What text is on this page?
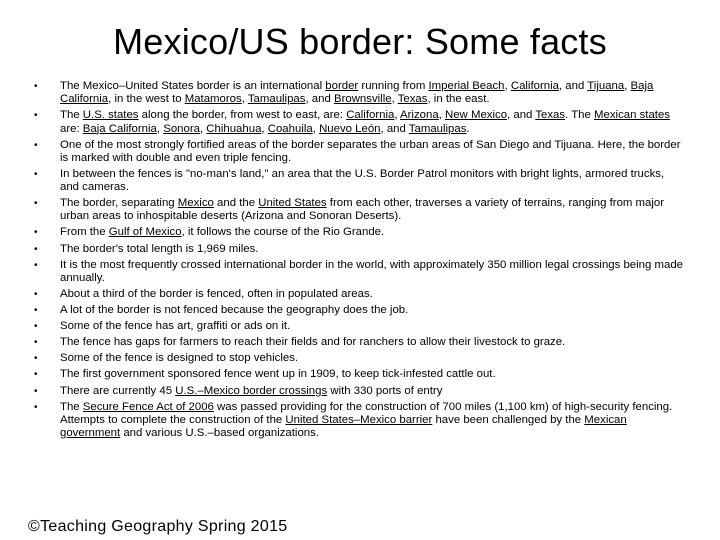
Mexico/US border: Some facts
•	The Mexico–United States border is an international border running from Imperial Beach, California, and Tijuana, Baja California, in the west to Matamoros, Tamaulipas, and Brownsville, Texas, in the east.
•	The U.S. states along the border, from west to east, are: California, Arizona, New Mexico, and Texas. The Mexican states are: Baja California, Sonora, Chihuahua, Coahuila, Nuevo León, and Tamaulipas.
•	One of the most strongly fortified areas of the border separates the urban areas of San Diego and Tijuana. Here, the border is marked with double and even triple fencing.
•	In between the fences is "no-man's land," an area that the U.S. Border Patrol monitors with bright lights, armored trucks, and cameras.
•	The border, separating Mexico and the United States from each other, traverses a variety of terrains, ranging from major urban areas to inhospitable deserts (Arizona and Sonoran Deserts).
•	From the Gulf of Mexico, it follows the course of the Rio Grande.
•	The border's total length is 1,969 miles.
•	It is the most frequently crossed international border in the world, with approximately 350 million legal crossings being made annually.
•	About a third of the border is fenced, often in populated areas.
•	A lot of the border is not fenced because the geography does the job.
•	Some of the fence has art, graffiti or ads on it.
•	The fence has gaps for farmers to reach their fields and for ranchers to allow their livestock to graze.
•	Some of the fence is designed to stop vehicles.
•	The first government sponsored fence went up in 1909, to keep tick-infested cattle out.
•	There are currently 45 U.S.–Mexico border crossings with 330 ports of entry
•	The Secure Fence Act of 2006 was passed providing for the construction of 700 miles (1,100 km) of high-security fencing. Attempts to complete the construction of the United States–Mexico barrier have been challenged by the Mexican government and various U.S.–based organizations.
©Teaching Geography Spring 2015
